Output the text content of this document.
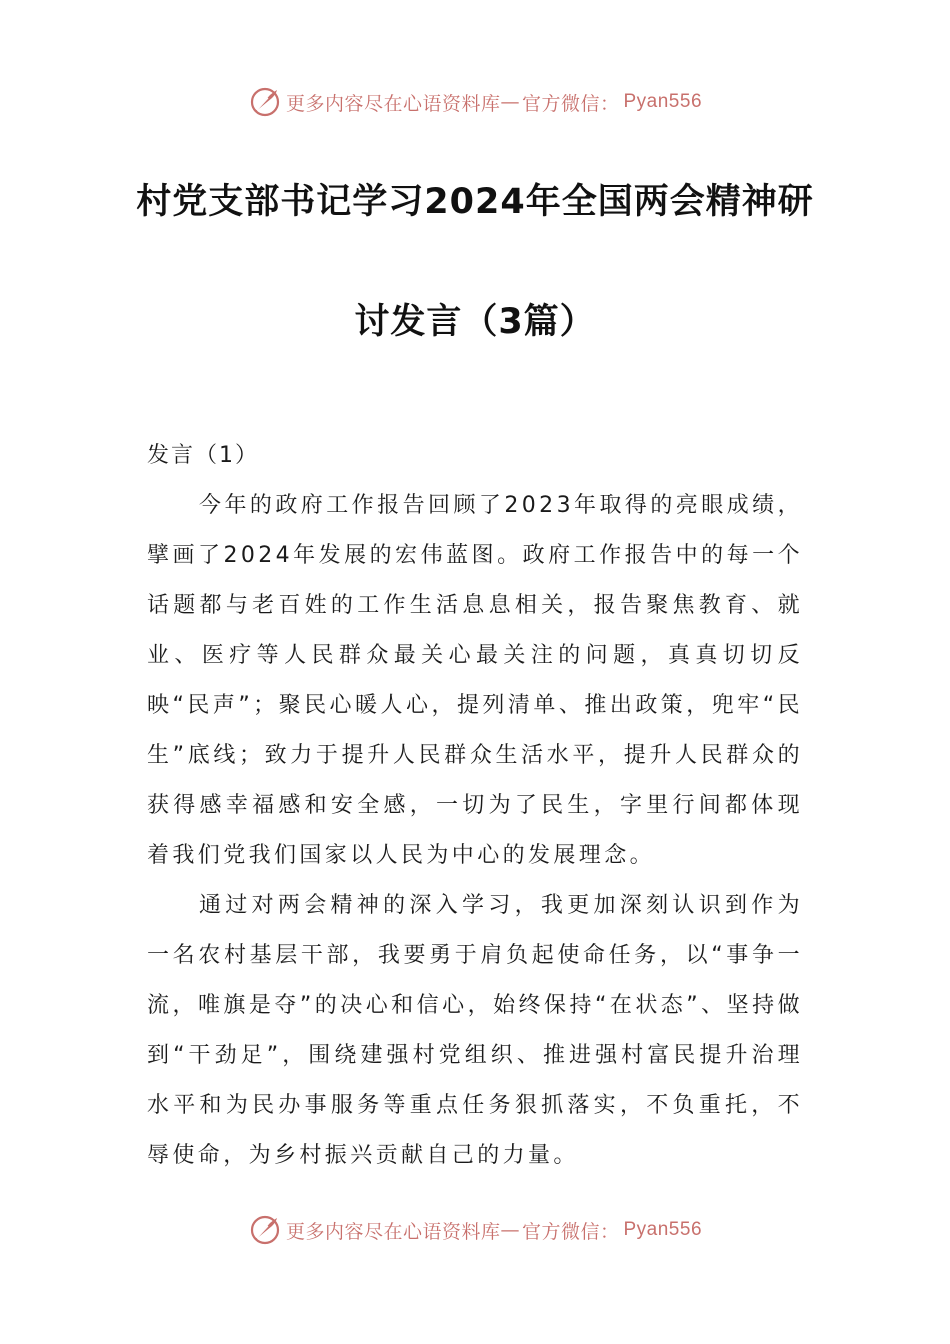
更多内容尽在心语资料库 — 官方微信： Pyan556
村党支部书记学习2024年全国两会精神研
讨发言（3篇）
发言（1）

今年的政府工作报告回顾了2023年取得的亮眼成绩，擘画了2024年发展的宏伟蓝图。政府工作报告中的每一个话题都与老百姓的工作生活息息相关，报告聚焦教育、就业、医疗等人民群众最关心最关注的问题，真真切切反映“民声”；聚民心暖人心，提列清单、推出政策，兜牢“民生”底线；致力于提升人民群众生活水平，提升人民群众的获得感幸福感和安全感，一切为了民生，字里行间都体现着我们党我们国家以人民为中心的发展理念。

通过对两会精神的深入学习，我更加深刻认识到作为一名农村基层干部，我要勇于肩负起使命任务，以“事争一流，唯旗是夺”的决心和信心，始终保持“在状态”、坚持做到“干劲足”，围绕建强村党组织、推进强村富民提升治理水平和为民办事服务等重点任务狠抓落实，不负重托，不辱使命，为乡村振兴贡献自己的力量。

更多内容尽在心语资料库 — 官方微信： Pyan556
